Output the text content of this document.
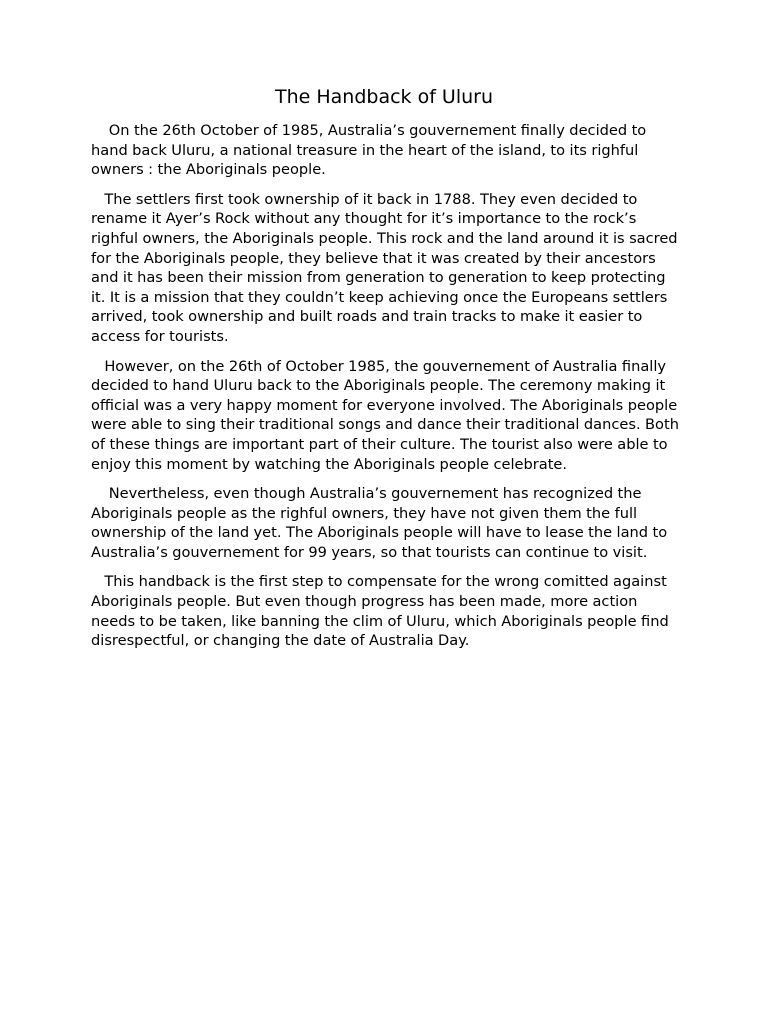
The Handback of Uluru

On the 26th October of 1985, Australia’s gouvernement finally decided to hand back Uluru, a national treasure in the heart of the island, to its righful owners : the Aboriginals people.

The settlers first took ownership of it back in 1788. They even decided to rename it Ayer’s Rock without any thought for it’s importance to the rock’s righful owners, the Aboriginals people. This rock and the land around it is sacred for the Aboriginals people, they believe that it was created by their ancestors and it has been their mission from generation to generation to keep protecting it. It is a mission that they couldn’t keep achieving once the Europeans settlers arrived, took ownership and built roads and train tracks to make it easier to access for tourists.

However, on the 26th of October 1985, the gouvernement of Australia finally decided to hand Uluru back to the Aboriginals people. The ceremony making it official was a very happy moment for everyone involved. The Aboriginals people were able to sing their traditional songs and dance their traditional dances. Both of these things are important part of their culture. The tourist also were able to enjoy this moment by watching the Aboriginals people celebrate.

Nevertheless, even though Australia’s gouvernement has recognized the Aboriginals people as the righful owners, they have not given them the full ownership of the land yet. The Aboriginals people will have to lease the land to Australia’s gouvernement for 99 years, so that tourists can continue to visit.

This handback is the first step to compensate for the wrong comitted against Aboriginals people. But even though progress has been made, more action needs to be taken, like banning the clim of Uluru, which Aboriginals people find disrespectful, or changing the date of Australia Day.
